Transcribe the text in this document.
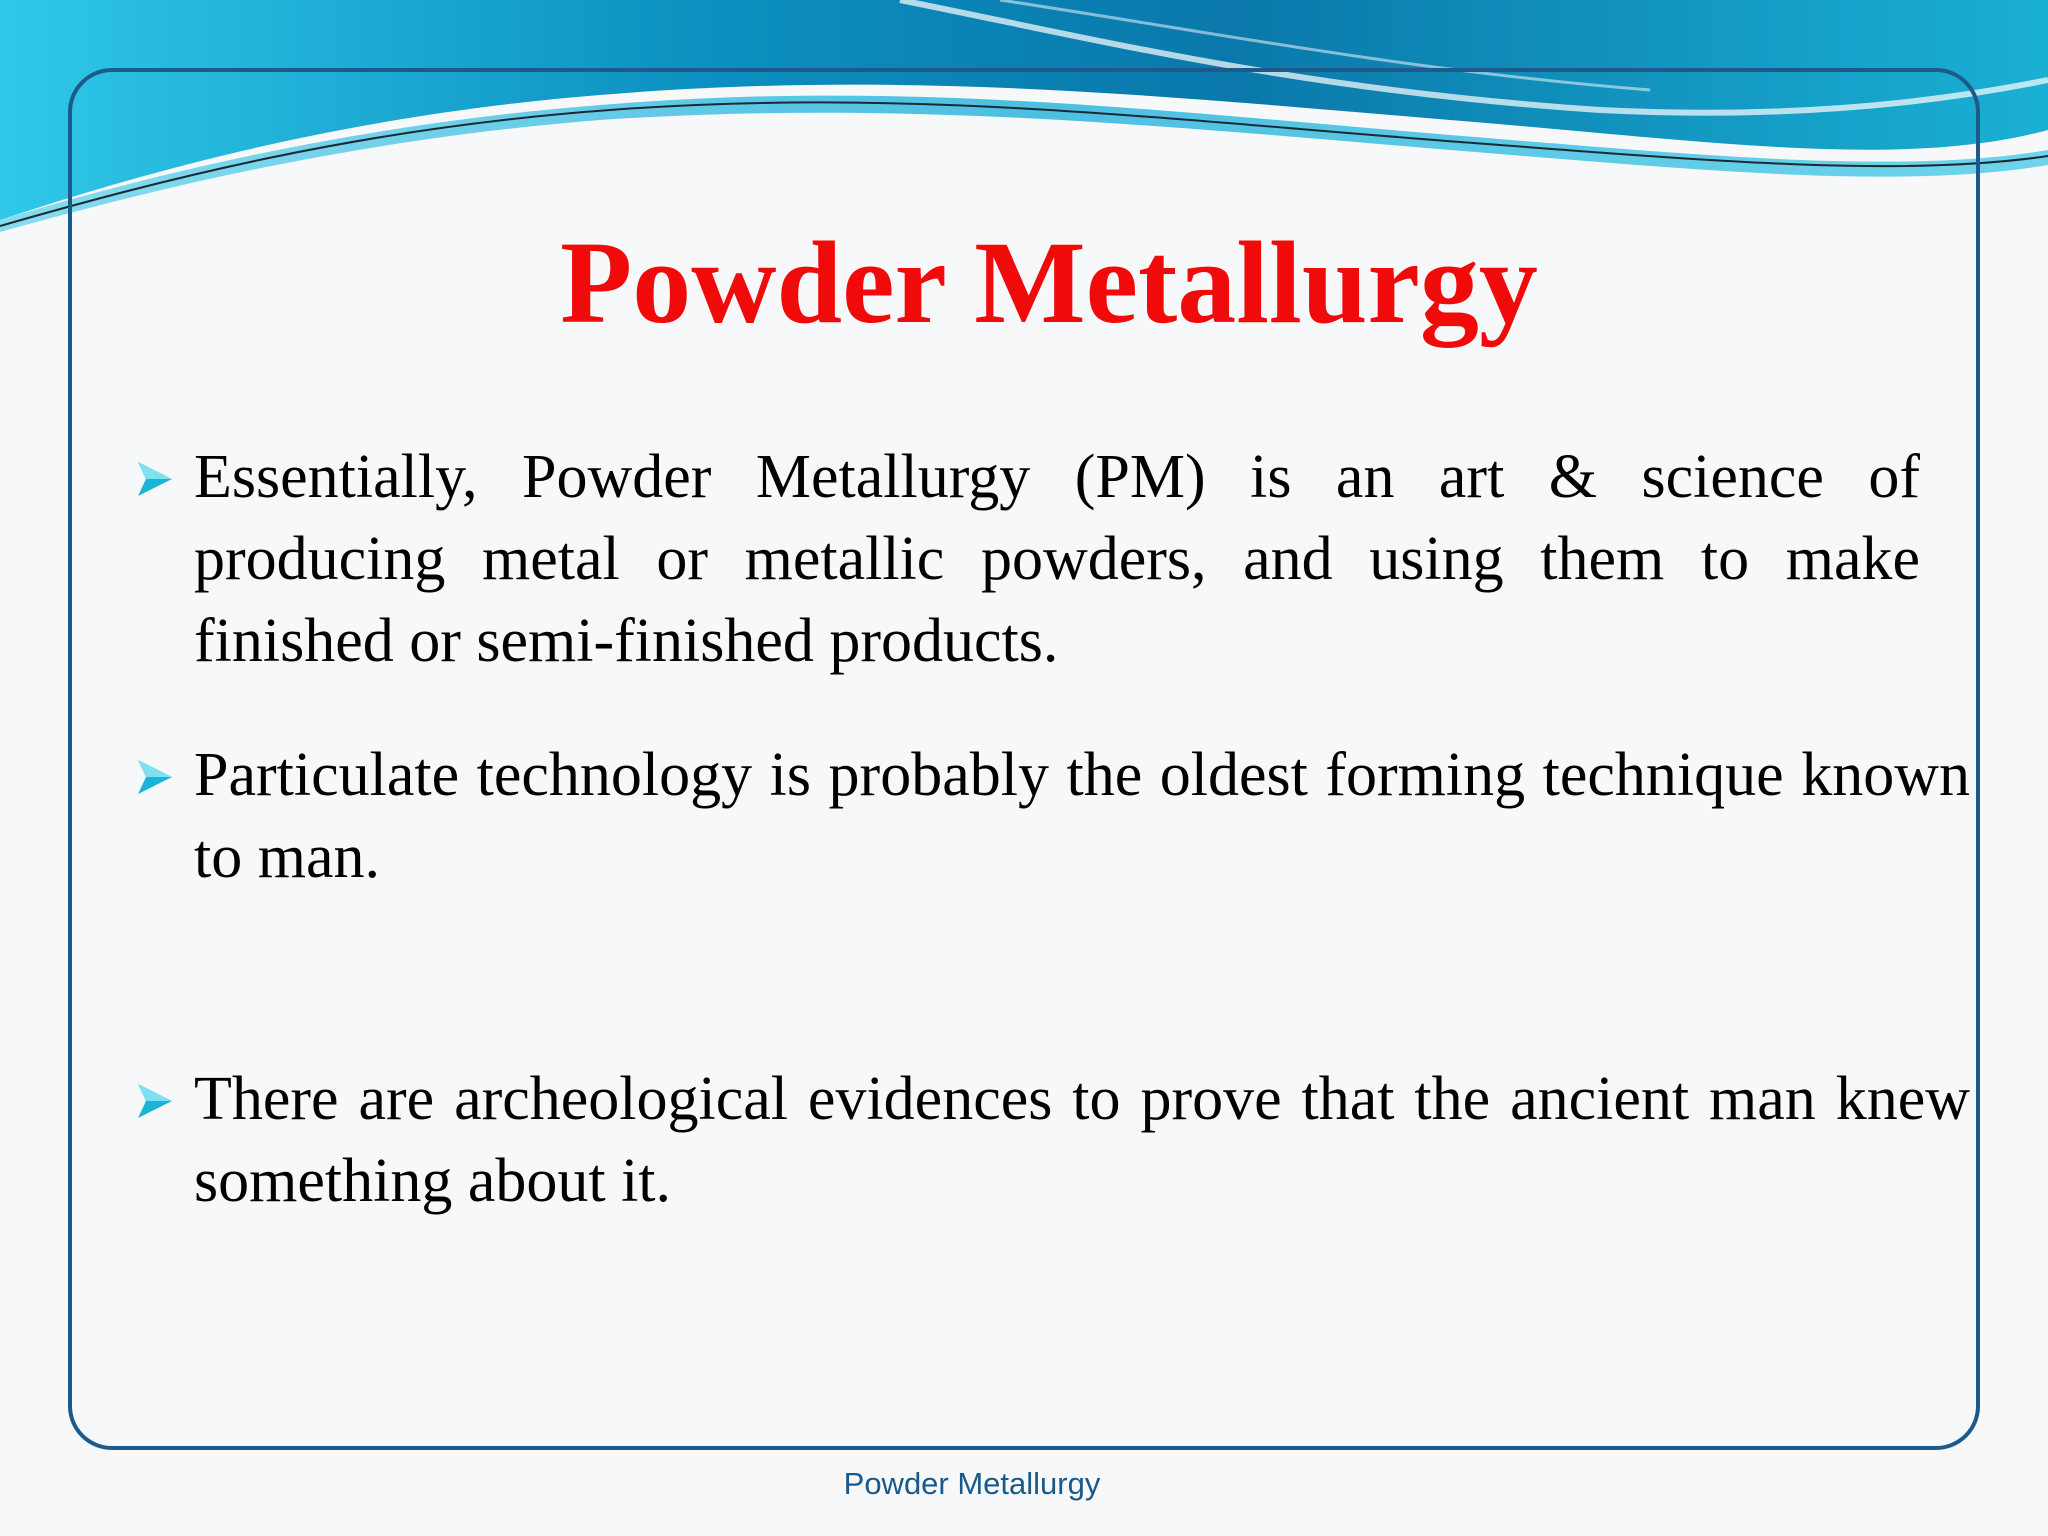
Powder Metallurgy
Essentially, Powder Metallurgy (PM) is an art & science of producing metal or metallic powders, and using them to make finished or semi-finished products.
Particulate technology is probably the oldest forming technique known to man.
There are archeological evidences to prove that the ancient man knew something about it.
Powder Metallurgy
